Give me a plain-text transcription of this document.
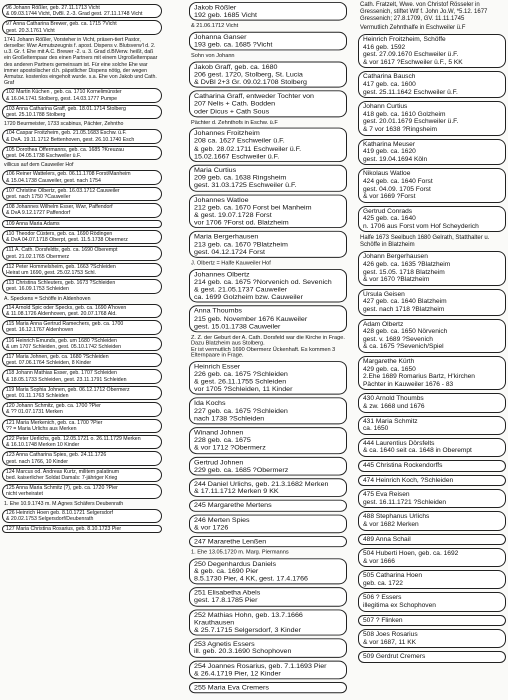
96 Johann Rößler, geb. 27.11.1713 Vicht
& 09.03.1744 Vicht, DvBl. 2.-3. Grad gest. 27.11.1748 Vicht
97 Anna Catharina Brewer, geb. ca. 1715 ?Vicht
gest. 20.3.1761 Vicht
1741 Johann Rößler, Vorsteher in Vicht, präsen-tiert Pastor, derselbe: Wwr Armutszeugnis f. apost. Dispens v. Blutsverw'l d. 2. u.3. Gr. f. Ehe mit A.C. Brewer -2. u. 3. Grad d.BlVerw. heißt, daß ein Großelternpaar des einen Partners mit einem Urgroßelternpaar des anderen Partners gemeinsam ist. Für eine solche Ehe war immer apostolischer d.h. päpstlicher Dispens nötig, der wegen Armutsz. kostenlos eingeholt wurde. s.a. Ehe von Jakob und Cath. Graf
102 Martin Küchen , geb. ca. 1710 Kornelimünster
& 16.04.1741 Stolberg, gest. 14.03.1777 Pumpe
103 Anna Catharina Graff, geb. 18.01.1714 Stolberg
gest. 25.10.1788 Stolberg
1720 Beurmeister, 1733 scabinus, Pächter, Zehntho
104 Caspar Froitzheim, geb. 21.05.1683 Eschw. ü.F.
& DvA. 19.11.1712 Bettenhoven, gest. 26.10.1740 Esch
105 Dorothea Offermanns, geb. ca. 1685 ?Kreuzau
gest. 04.05.1738 Eschweiler ü.F.
villicus auf dem Cauweiler Hof
106 Reiner Wattelers, geb. 06.11.1708 Forst/Manheim
& 15.04.1738 Cauweiler, gest. nach 1754
107 Christine Olbertz, geb. 16.03.1712 Cauweiler
gest. nach 1750 ?Cauweiler
108 Johannes Wilhelm Esser, Wwr, Paffendorf
& DvA 9.12.1727 Paffendorf
109 Anna Maria Adams
110 Theodor Cüsters, geb. ca. 1690 Rödingen
& DvA 04.07.1718 Oberpt, gest. 11.5.1738 Obermerz
111 A. Cath. Dorsfeldts, geb. ca. 1690 Oberempt
gest. 21.02.1765 Obermerz
112 Peter Hommelsheim, geb. 1663 ?Schleiden
Heirat um 1690, gest. 25.02.1753 Schl.
113 Christina Schleuters, geb. 1673 ?Schleiden
gest. 16.09.1753 Schleiden
A. Speckens = Schöffe in Aldenhoven
114 Arnold Spic oder Specks, geb. ca. 1690 A'hoven
& 11.08.1726 Aldenhoven, gest. 20.07.1768 Ald.
115 Maria Anna Gertrud Ramechers, geb. ca. 1700
gest. 16.12.1767 Aldenhoven
116 Heinrich Emunds, geb. um 1680 ?Schleiden
& um 1707 Schleiden, gest. 05.10.1742 Schleiden
117 Maria Johnen, geb. ca. 1680 ?Schleiden
gest. 07.06.1764 Schleiden, 8 Kinder
118 Johann Mathias Esser, geb. 1707 Schleiden
& 18.05.1733 Schleiden, gest. 23.11.1791 Schleiden
119 Maria Sophia Johnen, geb. 06.12.1712 Obermerz
gest. 01.11.1763 Schleiden
120 Johann Schmitz, geb. ca. 1700 ?Pier
& ?? 01.07.1731 Merken
121 Maria Merkenich, geb. ca. 1700 ?Pier
?? = Maria Urlichs aus Merken
122 Peter Uerlichs, geb. 12.05.1721 o. 26.11.1729 Merken
& 16.10.1748 Merken 10 Kinder
123 Anna Catharina Spies, geb. 24.11.1726
gest. nach 1766, 10 Kinder
124 Marcus od. Andreas Kurtz, militem palatinum
bed. kaiserlicher Soldat Damals: 7-jähriger Krieg
125 Anna Maria Schmitz (?), geb. ca. 1720 ?Pier
nicht verheiratet
1. Ehe 10.9.1743 m. M.Agnes Schäfers Deubenrath
126 Heinrich Hoen geb. 8.10.1721 Selgersdorf
& 20.02.1753 Selgersdorf/Deubenrath
127 Maria Christina Rosarius, geb. 8.10.1723 Pier
Jakob Rößler
192 geb. 1685 Vicht
& 21.06.1712 Vicht
Johanna Ganser
193 geb. ca. 1685 ?Vicht
Sohn von Johann
Jakob Graff, geb. ca. 1680
206 gest. 1720, Stolberg, St. Lucia
& DvBl 2+3 Gr. 09.02.1708 Stolberg
Catharina Graff, entweder Tochter von
207 Nelis + Cath. Bodden
oder Dicus + Cath Sous
Pächter d. Zehnthofs in Eschw. ü.F
Johannes Froitzheim
208 ca. 1627 Eschweiler ü.F.
& geb. 28.02.1711 Eschweiler ü.F.
15.02.1667 Eschweiler ü.F.
Maria Curtius
209 geb. ca. 1638 Ringsheim
gest. 31.03.1725 Eschweiler ü.F.
Johannes Watloe
212 geb. ca. 1670 Forst bei Manheim
& gest. 19.07.1728 Forst
vor 1706 ?Forst od. Blatzheim
Maria Bergerhausen
213 geb. ca. 1670 ?Blatzheim
gest. 04.12.1724 Forst
J. Olbertz = Halfe Kauweiler Hof
Johannes Olbertz
214 geb. ca. 1675 ?Norvenich od. Sevenich
& gest. 21.05.1737 Cauweiler
ca. 1699 Golzheim bzw. Cauweiler
Anna Thoumbs
215 geb. November 1676 Kauweiler
gest. 15.01.1738 Cauweiler
Z. Z. der Geburt der A. Cath. Dorsfeld war die Kirche in Frage. Dazu Blatzheim aus Stolberg.
Er ist vermutlich 1690 Obermerz Ückenhaft. Es kommen 3 Elternpaare in Frage.
Heinrich Esser
226 geb. ca. 1675 ?Schleiden
& gest. 26.11.1755 Schleiden
vor 1705 ?Schleiden, 11 Kinder
Ida Kochs
227 geb. ca. 1675 ?Schleiden
nach 1738 ?Schleiden
Winand Johnen
228 geb. ca. 1675
& vor 1712 ?Obermerz
Gertrud Johnen
229 geb. ca. 1685 ?Obermerz
244 Daniel Urlichs, geb. 21.3.1682 Merken
& 17.11.1712 Merken 9 KK
245 Margarethe Mertens
246 Merten Spies
& vor 1726
247 Mararethe Lenßen
1. Ehe 13.05.1720 m. Marg. Piermanns
250 Degenhardus Daniels
& geb. ca. 1690 Pier
8.5.1730 Pier, 4 KK, gest. 17.4.1766
251 Elisabetha Abels
gest. 17.8.1785 Pier
252 Mathias Hohn, geb. 13.7.1666 Krauthausen
& 25.7.1715 Selgersdorf, 3 Kinder
253 Agnetis Essers
ill. geb. 20.3.1690 Schophoven
254 Joannes Rosarius, geb. 7.1.1693 Pier
& 26.4.1719 Pier, 12 Kinder
255 Maria Eva Cremers
Cath. Fratzelt, Wwe. von Christof Rösseler in Gressenich, stiftet Wtf f. John Jo.W, *5.12. 1677
Gressenich; 27.8.1709, GV. 11.11.1745
Vermutlich Zehnthalfe in Eschweiler ü.F
Heinrich Froitzheim, Schöffe
416 geb. 1592
gest. 27.09.1670 Eschweiler ü.F.
& vor 1617 ?Eschweiler ü.F., 5 KK
Catharina Bausch
417 geb. ca. 1600
gest. 25.11.1642 Eschweiler ü.F.
Johann Curtius
418 geb. ca. 1610 Golzheim
gest. 20.01.1679 Eschweiler ü.F.
& 7 vor 1638 ?Ringsheim
Katharina Meuser
419 geb. ca. 1620
gest. 19.04.1694 Köln
Nikolaus Watloe
424 geb. ca. 1640 Forst
gest. 04.09. 1705 Forst
& vor 1669 ?Forst
Gertrud Conrads
425 geb. ca. 1640
n. 1706 aus Forst vom Hof Scheyderich
Halfe 1673 Seelbuch 1680 Gelrath, Statthalter u. Schöffe in Blatzheim
Johann Bergerhausen
426 geb. ca. 1635 ?Blatzheim
gest. 15.05. 1718 Blatzheim
& vor 1670 ?Blatzheim
Ursula Geisen
427 geb. ca. 1640 Blatzheim
gest. nach 1718 ?Blatzheim
Adam Olbertz
428 geb. ca. 1650 Nörvenich
gest. v. 1689 ?Sevenich
& ca. 1675 ?Sevenich/Spiel
Margarethe Kürth
429 geb. ca. 1650
2.Ehe 1689 Romarius Bartz, H'kirchen
Pächter in Kauweiler 1676 - 83
430 Arnold Thoumbs
& zw. 1668 und 1676
431 Maria Schmitz
ca. 1650
444 Laurentius Dörsfelts
& ca. 1640 seit ca. 1648 in Oberempt
445 Christina Rockendorffs
474 Heinrich Koch, ?Schleiden
475 Eva Reisen
gest. 16.11.1721 ?Schleiden
488 Stephanus Urlichs
& vor 1682 Merken
489 Anna Schail
504 Huberti Hoen, geb. ca. 1692
& vor 1666
505 Catharina Hoen
geb. ca. 1722
506 ? Essers
illegitima ex Schophoven
507 ? Flinken
508 Joes Rosarius
& vor 1687, 11 KK
509 Gerdrut Cremers
